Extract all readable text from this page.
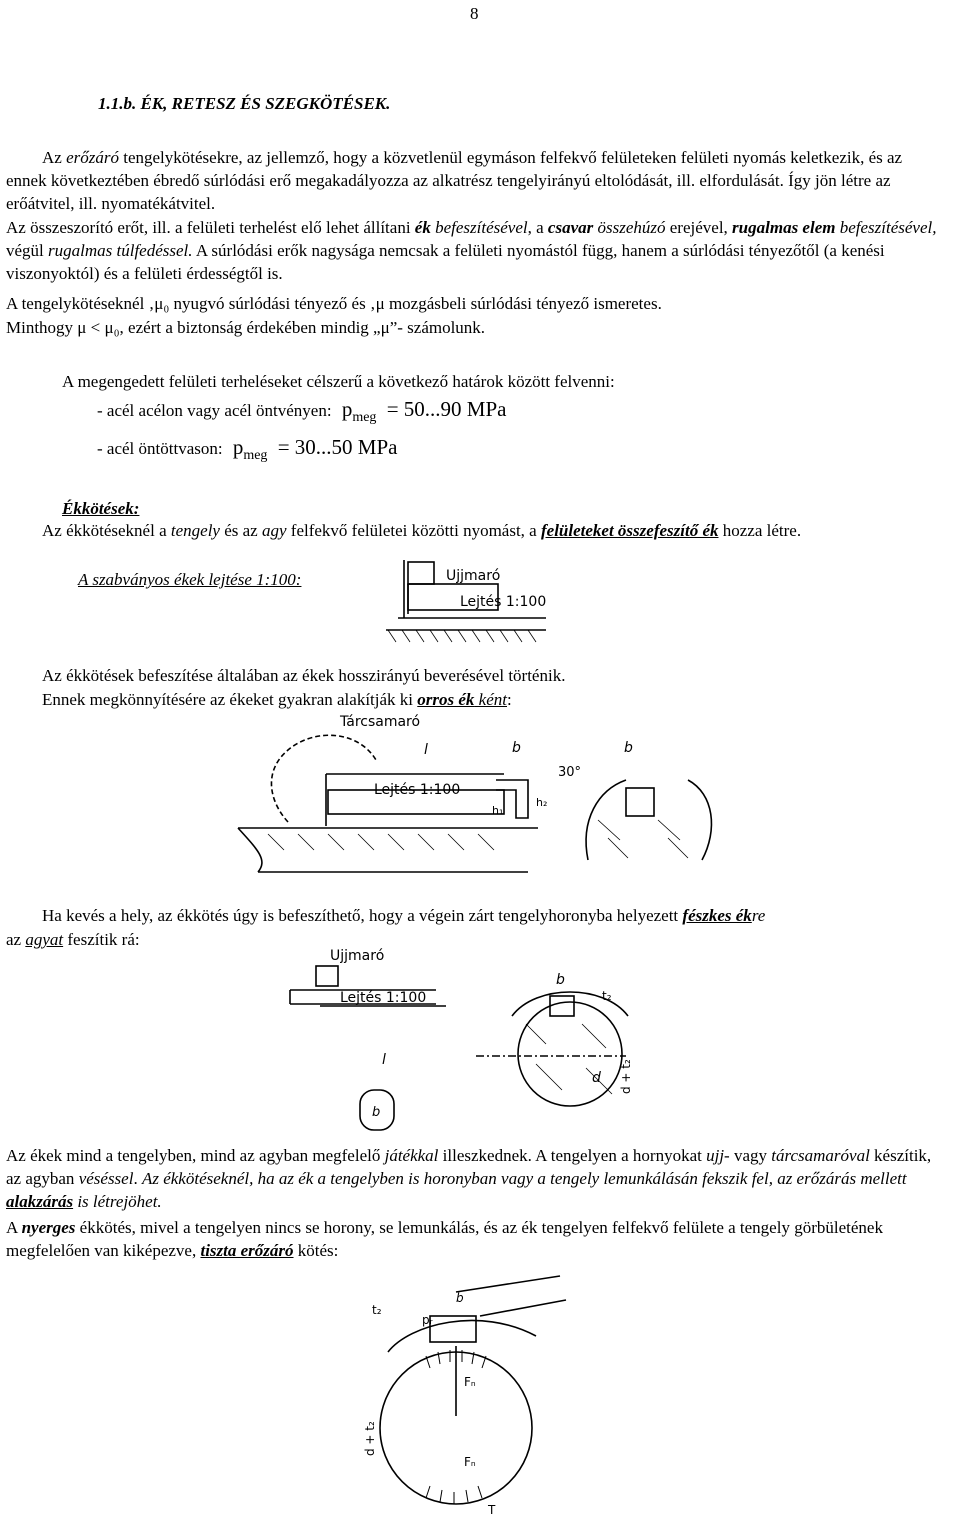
8
1.1.b. ÉK, RETESZ ÉS SZEGKÖTÉSEK.

Az erőzáró tengelykötésekre, az jellemző, hogy a közvetlenül egymáson felfekvő felületeken felületi nyomás keletkezik, és az ennek következtében ébredő súrlódási erő megakadályozza az alkatrész tengelyirányú eltolódását, ill. elfordulását. Így jön létre az erőátvitel, ill. nyomatékátvitel.

Az összeszorító erőt, ill. a felületi terhelést elő lehet állítani ék befeszítésével, a csavar összehúzó erejével, rugalmas elem befeszítésével, végül rugalmas túlfedéssel. A súrlódási erők nagysága nemcsak a felületi nyomástól függ, hanem a súrlódási tényezőtől (a kenési viszonyoktól) és a felületi érdességtől is.

A tengelykötéseknél ‚μ₀ nyugvó súrlódási tényező és ‚μ mozgásbeli súrlódási tényező ismeretes.

Minthogy μ < μ₀, ezért a biztonság érdekében mindig „μ”- számolunk.

A megengedett felületi terheléseket célszerű a következő határok között felvenni:

- acél acélon vagy acél öntvényen: $p_{meg} = 50...90$ MPa
- acél öntöttvason: $p_{meg} = 30...50$ MPa
Ékkötések:

Az ékkötéseknél a tengely és az agy felfekvő felületei közötti nyomást, a felületeket összefeszítő ék hozza létre.

A szabványos ékek lejtése 1:100:	Ujjmaró
Lejtés 1:100

Az ékkötések befeszítése általában az ékek hosszirányú beverésével történik.

Ennek megkönnyítésére az ékeket gyakran alakítják ki orros ék ként:

Tárcsamaró
l	b	b
30°
Lejtés 1:100
h₁
h₂

Ha kevés a hely, az ékkötés úgy is befeszíthető, hogy a végein zárt tengelyhoronyba helyezett fészkes ékre

az agyat feszítik rá:

Ujjmaró
Lejtés 1:100
l
b
b
t₂
d d + t₂

Az ékek mind a tengelyben, mind az agyban megfelelő játékkal illeszkednek. A tengelyen a hornyokat ujj- vagy tárcsamaróval készítik, az agyban véséssel. Az ékkötéseknél, ha az ék a tengelyben is horonyban vagy a tengely lemunkálásán fekszik fel, az erőzárás mellett alakzárás is létrejöhet.

A nyerges ékkötés, mivel a tengelyen nincs se horony, se lemunkálás, és az ék tengelyen felfekvő felülete a tengely görbületének megfelelően van kiképezve, tiszta erőzáró kötés:

t₂
b
pᵣ
Fₙ
Fₙ
d + t₂
T
